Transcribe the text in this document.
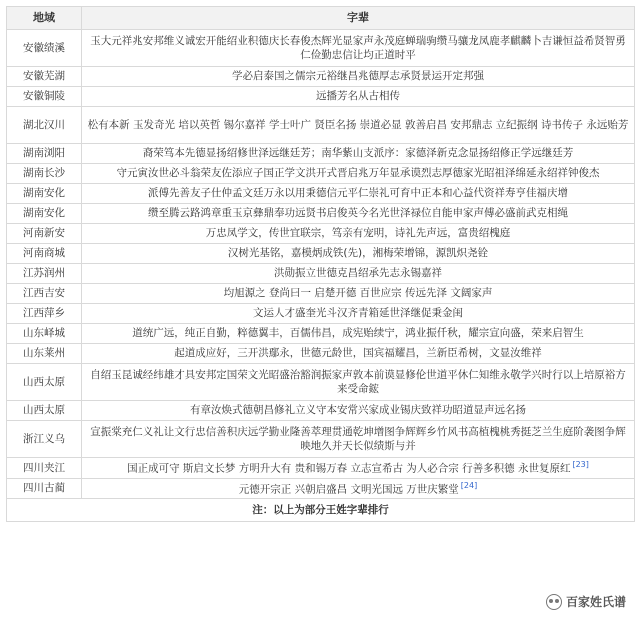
地域	字辈
安徽绩溪	玉大元祥兆安邦维义诚宏开能绍业积德庆长春俊杰辉光显家声永茂庭蝉瑞驹缵马骧龙凤鹿孝麒麟卜吉谦恒益希贤智勇仁俭勤忠信让均正道时平
安徽芜湖	学必启泰国之儒宗元裕继昌兆德厚志承贤景运开定邦强
安徽铜陵	远播芳名从古相传
湖北汉川	松有本新 玉发奇光 培以英哲 锡尔嘉祥 学士叶广 贤臣名扬 崇道必显 敦善启昌 安邦鼎志 立纪振纲 诗书传子 永远贻芳
湖南浏阳	裔荣笃本先德显扬绍修世泽远继廷芳；南华紫山支派序：家德泽新克念显扬绍修正学远继廷芳
湖南长沙	守元寅汝世必斗翁荣友佐添应子国正学文洪开式晋启兆万年显承谟烈志厚德家光昭祖泽绵延永绍祥钟俊杰
湖南安化	派傅先善友子仕仲孟文廷万永以用秉德信元平仁崇礼可育中正本和心益代资祥寿亨佳福庆增
湖南安化	缵至腾云路鸿章重玉京彝鼎奉功远贤书启俊英今名光世泽禄位自能申家声傅必盛前武克相绳
河南新安	万忠凤学文，传世宜联宗，笃亲有宠明，诗礼先声远，富贵绍槐庭
河南商城	汉树光基铭，嘉模炳成铁(先)，湘梅荣增锦，源凯炽尧铨
江苏润州	洪勋振立世德克昌绍承先志永锡嘉祥
江西吉安	均旭源之 登尚曰一 启楚开德 百世应宗 传远先泽 文阔家声
江西萍乡	文运人才盛奎光斗汉齐青箱延世泽继促秉金闺
山东峄城	道统广远，纯正自勤，粹德翼丰，百儒伟昌，成宪贻续宁，鸿业振仟秋，耀宗宣向盛，荣来启智生
山东莱州	起道成应好，三开洪鄢永，世德元龄世，国宾福耀昌，兰新臣希树，文显汝维祥
山西太原	自绍玉昆诚经纬雄才具安邦定国荣文光昭盛治豁润振家声敦本前谟显修伦世道平休仁知维永敬学兴时行以上培原裕方来受命鋐
山西太原	有章汝焕式德朝昌修礼立义守本安常兴家成业锡庆致祥功昭道显声远名扬
浙江义乌	宣振棠充仁义礼让文行忠信善积庆远学勤业隆善萃理贯通乾坤增图争辉辉乡竹风书高植槐桃秀挺芝兰生庭阶袭图争辉映地久并天长似绩斯与并
四川夹江	国正成可守 斯启文长梦 方明升大有 贵和锡万春 立志宣希古 为人必合宗 行善多积德 永世复原红 [23]
四川古蔺	元德开宗正 兴朝启盛昌 文明光国远 万世庆繁堂 [24]
注：以上为部分王姓字辈排行	
百家姓氏谱
